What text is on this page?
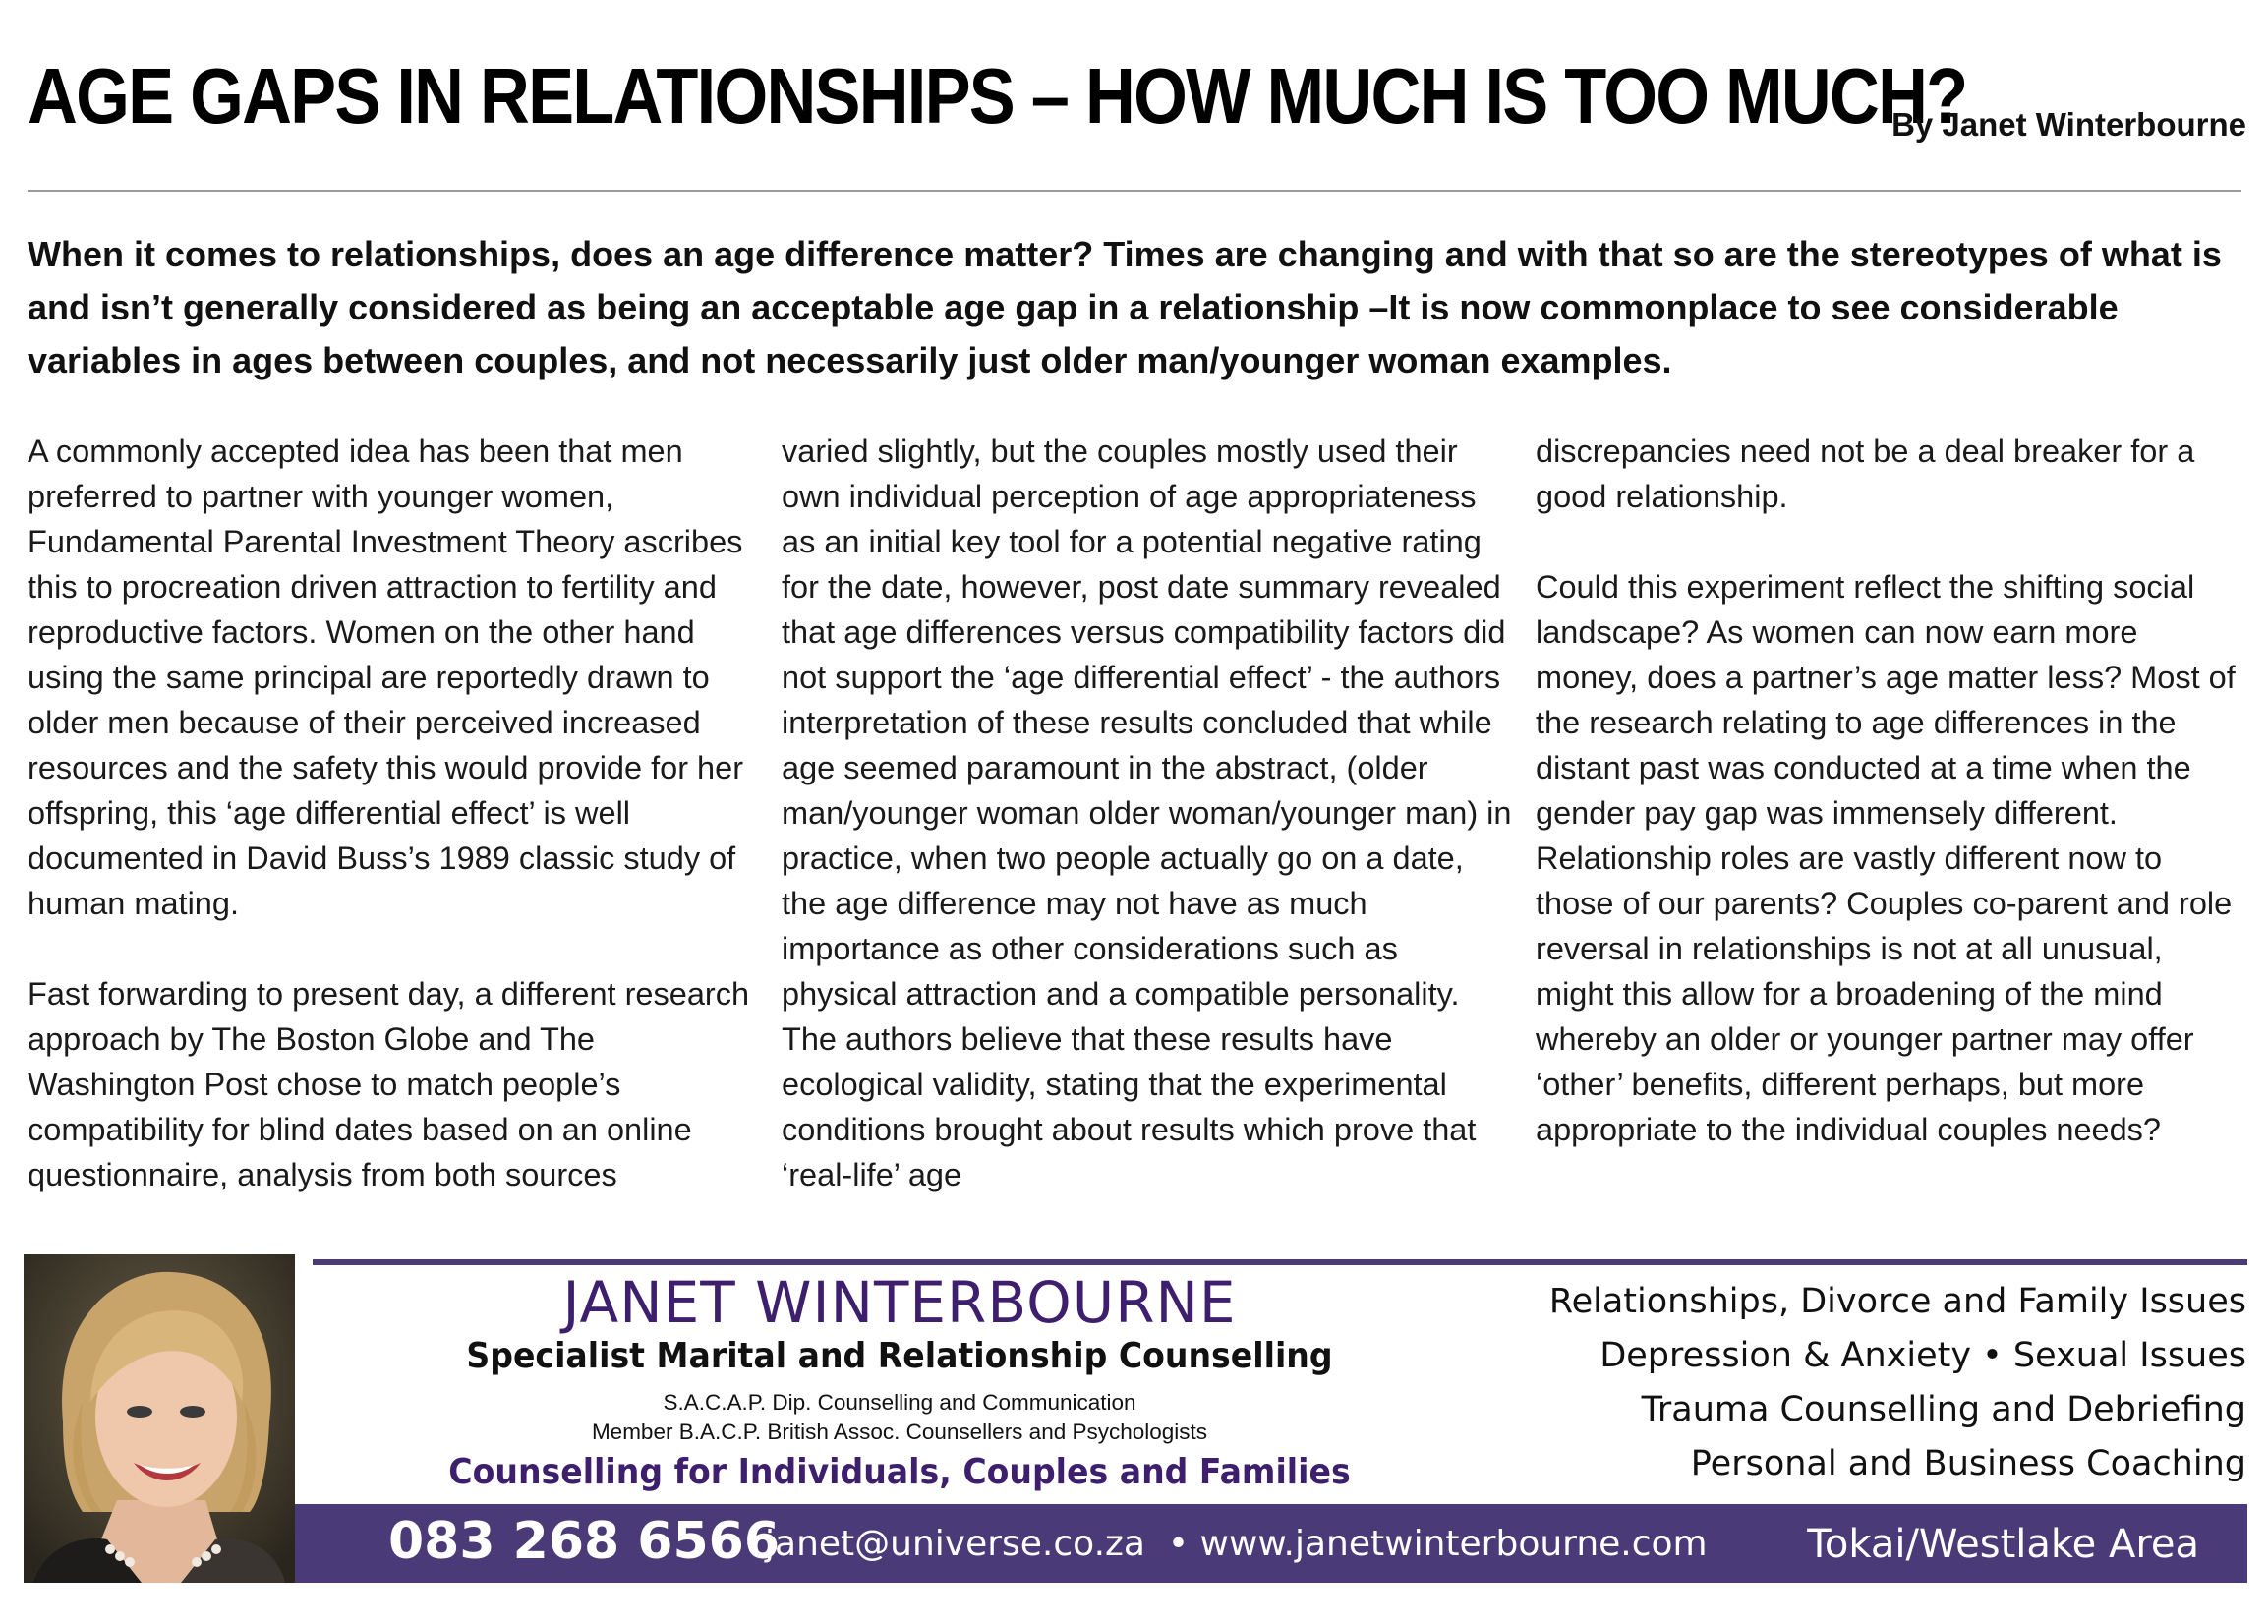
AGE GAPS IN RELATIONSHIPS – HOW MUCH IS TOO MUCH?
By Janet Winterbourne
When it comes to relationships, does an age difference matter? Times are changing and with that so are the stereotypes of what is and isn’t generally considered as being an acceptable age gap in a relationship –It is now commonplace to see considerable variables in ages between couples, and not necessarily just older man/younger woman examples.

A commonly accepted idea has been that men preferred to partner with younger women, Fundamental Parental Investment Theory ascribes this to procreation driven attraction to fertility and reproductive factors. Women on the other hand using the same principal are reportedly drawn to older men because of their perceived increased resources and the safety this would provide for her offspring, this ‘age differential effect’ is well documented in David Buss’s 1989 classic study of human mating.

Fast forwarding to present day, a different research approach by The Boston Globe and The Washington Post chose to match people’s compatibility for blind dates based on an online questionnaire, analysis from both sources

varied slightly, but the couples mostly used their own individual perception of age appropriateness as an initial key tool for a potential negative rating for the date, however, post date summary revealed that age differences versus compatibility factors did not support the ‘age differential effect’ - the authors interpretation of these results concluded that while age seemed paramount in the abstract, (older man/younger woman older woman/younger man) in practice, when two people actually go on a date, the age difference may not have as much importance as other considerations such as physical attraction and a compatible personality. The authors believe that these results have ecological validity, stating that the experimental conditions brought about results which prove that ‘real-life’ age

discrepancies need not be a deal breaker for a good relationship.

Could this experiment reflect the shifting social landscape? As women can now earn more money, does a partner’s age matter less? Most of the research relating to age differences in the distant past was conducted at a time when the gender pay gap was immensely different. Relationship roles are vastly different now to those of our parents? Couples co-parent and role reversal in relationships is not at all unusual, might this allow for a broadening of the mind whereby an older or younger partner may offer ‘other’ benefits, different perhaps, but more appropriate to the individual couples needs?

JANET WINTERBOURNE
Specialist Marital and Relationship Counselling
S.A.C.A.P. Dip. Counselling and Communication
Member B.A.C.P. British Assoc. Counsellers and Psychologists
Counselling for Individuals, Couples and Families
Relationships, Divorce and Family Issues
Depression & Anxiety • Sexual Issues
Trauma Counselling and Debriefing
Personal and Business Coaching
083 268 6566
janet@universe.co.za  • www.janetwinterbourne.com	Tokai/Westlake Area
